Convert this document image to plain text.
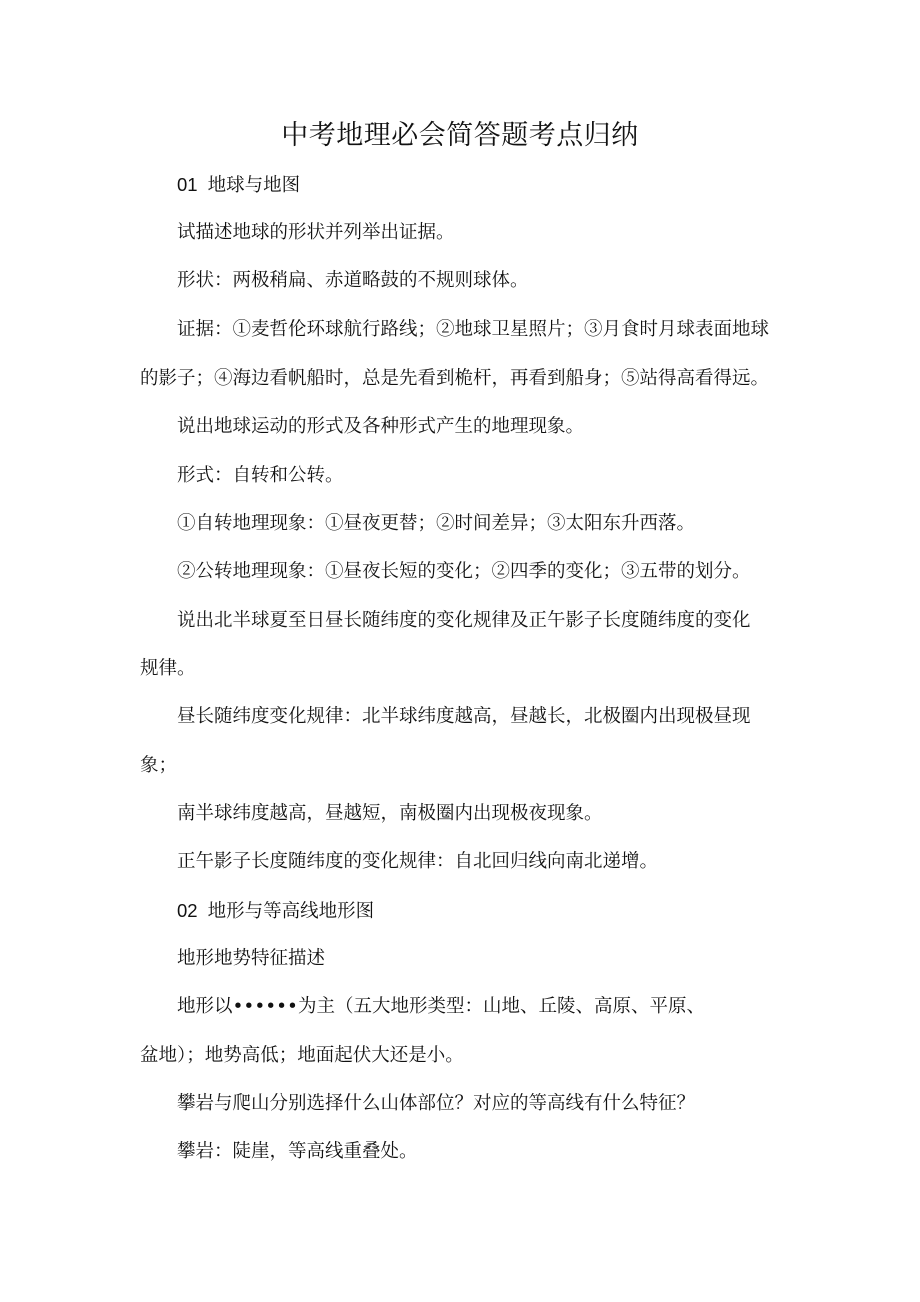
中考地理必会简答题考点归纳
01 地球与地图
试描述地球的形状并列举出证据。
形状：两极稍扁、赤道略鼓的不规则球体。
证据：①麦哲伦环球航行路线；②地球卫星照片；③月食时月球表面地球
的影子；④海边看帆船时，总是先看到桅杆，再看到船身；⑤站得高看得远。
说出地球运动的形式及各种形式产生的地理现象。
形式：自转和公转。
①自转地理现象：①昼夜更替；②时间差异；③太阳东升西落。
②公转地理现象：①昼夜长短的变化；②四季的变化；③五带的划分。
说出北半球夏至日昼长随纬度的变化规律及正午影子长度随纬度的变化
规律。
昼长随纬度变化规律：北半球纬度越高，昼越长，北极圈内出现极昼现
象；
南半球纬度越高，昼越短，南极圈内出现极夜现象。
正午影子长度随纬度的变化规律：自北回归线向南北递增。
02 地形与等高线地形图
地形地势特征描述
地形以••••••为主（五大地形类型：山地、丘陵、高原、平原、
盆地）；地势高低；地面起伏大还是小。
攀岩与爬山分别选择什么山体部位？对应的等高线有什么特征？
攀岩：陡崖，等高线重叠处。
